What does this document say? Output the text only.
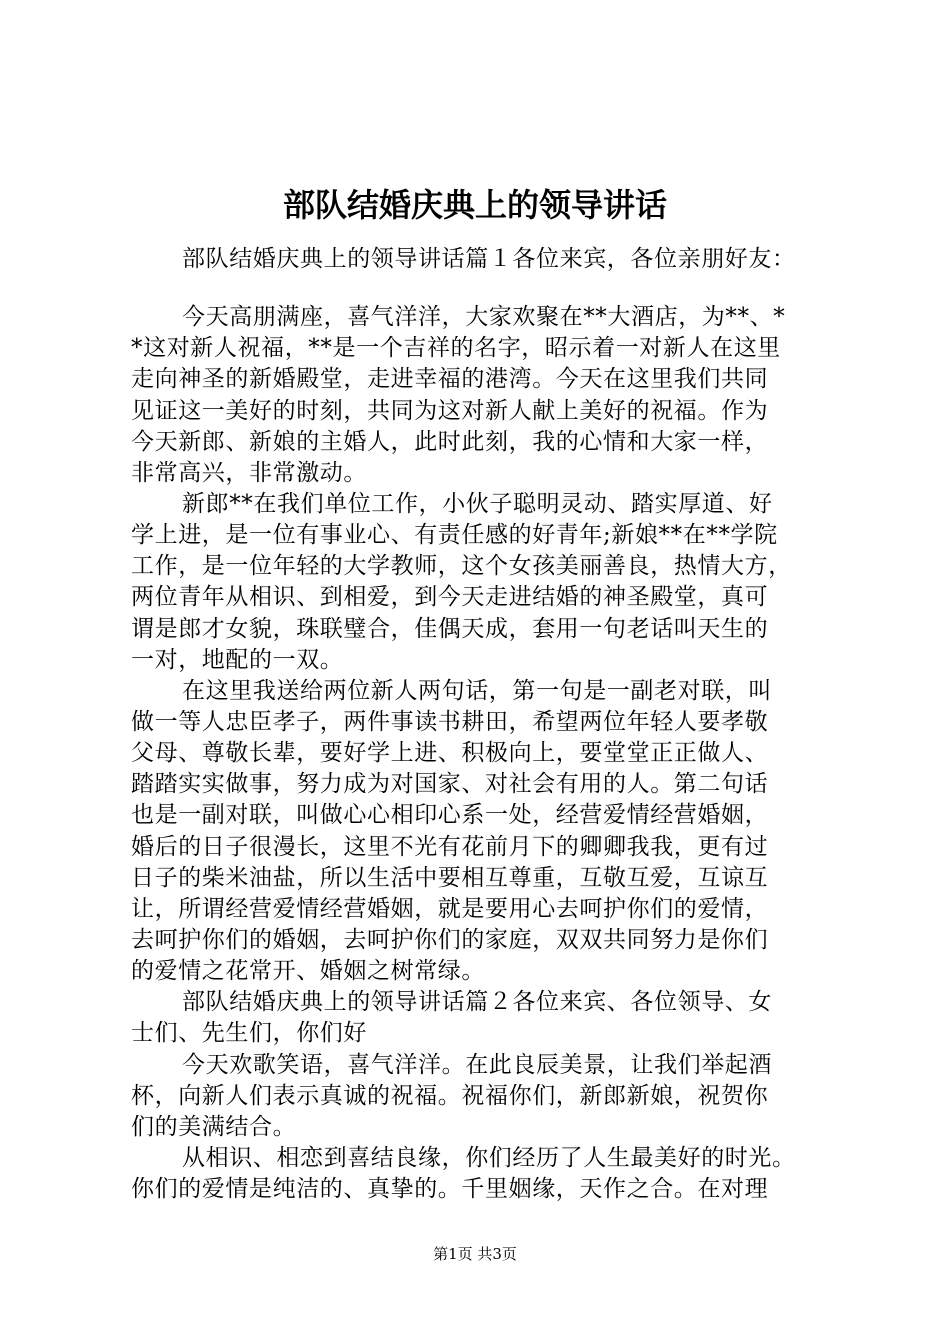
部队结婚庆典上的领导讲话
部队结婚庆典上的领导讲话篇１各位来宾，各位亲朋好友：
今天高朋满座，喜气洋洋，大家欢聚在**大酒店，为**、*
*这对新人祝福，**是一个吉祥的名字，昭示着一对新人在这里
走向神圣的新婚殿堂，走进幸福的港湾。今天在这里我们共同
见证这一美好的时刻，共同为这对新人献上美好的祝福。作为
今天新郎、新娘的主婚人，此时此刻，我的心情和大家一样，
非常高兴，非常激动。
新郎**在我们单位工作，小伙子聪明灵动、踏实厚道、好
学上进，是一位有事业心、有责任感的好青年;新娘**在**学院
工作，是一位年轻的大学教师，这个女孩美丽善良，热情大方，
两位青年从相识、到相爱，到今天走进结婚的神圣殿堂，真可
谓是郎才女貌，珠联璧合，佳偶天成，套用一句老话叫天生的
一对，地配的一双。
在这里我送给两位新人两句话，第一句是一副老对联，叫
做一等人忠臣孝子，两件事读书耕田，希望两位年轻人要孝敬
父母、尊敬长辈，要好学上进、积极向上，要堂堂正正做人、
踏踏实实做事，努力成为对国家、对社会有用的人。第二句话
也是一副对联，叫做心心相印心系一处，经营爱情经营婚姻，
婚后的日子很漫长，这里不光有花前月下的卿卿我我，更有过
日子的柴米油盐，所以生活中要相互尊重，互敬互爱，互谅互
让，所谓经营爱情经营婚姻，就是要用心去呵护你们的爱情，
去呵护你们的婚姻，去呵护你们的家庭，双双共同努力是你们
的爱情之花常开、婚姻之树常绿。
部队结婚庆典上的领导讲话篇２各位来宾、各位领导、女
士们、先生们，你们好
今天欢歌笑语，喜气洋洋。在此良辰美景，让我们举起酒
杯，向新人们表示真诚的祝福。祝福你们，新郎新娘，祝贺你
们的美满结合。
从相识、相恋到喜结良缘，你们经历了人生最美好的时光。
你们的爱情是纯洁的、真挚的。千里姻缘，天作之合。在对理
第1页 共3页
